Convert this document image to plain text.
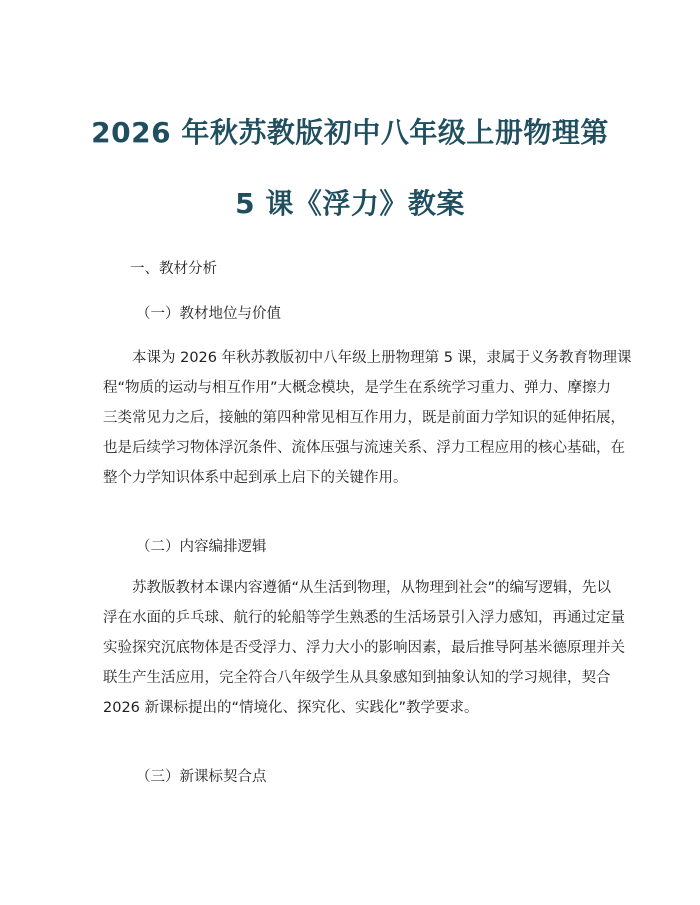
2026 年秋苏教版初中八年级上册物理第
5 课《浮力》教案
一、教材分析
（一）教材地位与价值
　　本课为 2026 年秋苏教版初中八年级上册物理第 5 课，隶属于义务教育物理课
程“物质的运动与相互作用”大概念模块，是学生在系统学习重力、弹力、摩擦力
三类常见力之后，接触的第四种常见相互作用力，既是前面力学知识的延伸拓展，
也是后续学习物体浮沉条件、流体压强与流速关系、浮力工程应用的核心基础，在
整个力学知识体系中起到承上启下的关键作用。
（二）内容编排逻辑
　　苏教版教材本课内容遵循“从生活到物理，从物理到社会”的编写逻辑，先以
浮在水面的乒乓球、航行的轮船等学生熟悉的生活场景引入浮力感知，再通过定量
实验探究沉底物体是否受浮力、浮力大小的影响因素，最后推导阿基米德原理并关
联生产生活应用，完全符合八年级学生从具象感知到抽象认知的学习规律，契合
2026 新课标提出的“情境化、探究化、实践化”教学要求。
（三）新课标契合点
